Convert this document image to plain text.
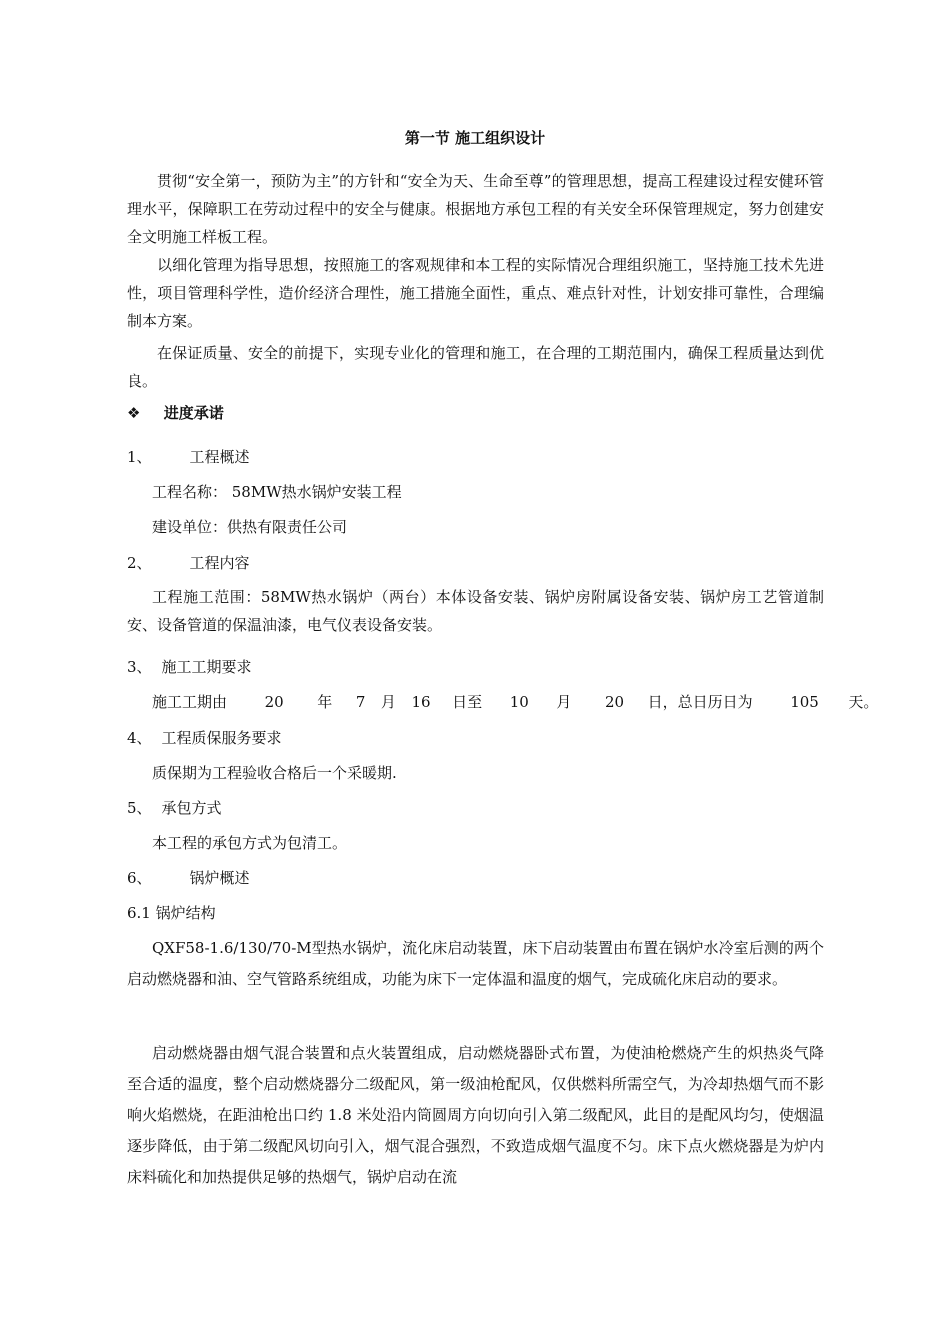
第一节 施工组织设计

贯彻“安全第一，预防为主”的方针和“安全为天、生命至尊”的管理思想，提高工程建设过程安健环管理水平，保障职工在劳动过程中的安全与健康。根据地方承包工程的有关安全环保管理规定，努力创建安全文明施工样板工程。

以细化管理为指导思想，按照施工的客观规律和本工程的实际情况合理组织施工，坚持施工技术先进性，项目管理科学性，造价经济合理性，施工措施全面性，重点、难点针对性，计划安排可靠性，合理编制本方案。

在保证质量、安全的前提下，实现专业化的管理和施工，在合理的工期范围内，确保工程质量达到优良。

❖ 进度承诺
1、	工程概述
工程名称： 58MW热水锅炉安装工程
建设单位：供热有限责任公司
2、	工程内容

工程施工范围：58MW热水锅炉（两台）本体设备安装、锅炉房附属设备安装、锅炉房工艺管道制安、设备管道的保温油漆，电气仪表设备安装。

3、 施工工期要求
施工工期由	20 年 7 月 16 日至 10 月 20 日，总日历日为	105 天。
4、 工程质保服务要求
质保期为工程验收合格后一个采暖期.
5、 承包方式
本工程的承包方式为包清工。
6、	锅炉概述
6.1 锅炉结构

QXF58-1.6/130/70-M型热水锅炉，流化床启动装置，床下启动装置由布置在锅炉水冷室后测的两个启动燃烧器和油、空气管路系统组成，功能为床下一定体温和温度的烟气，完成硫化床启动的要求。

启动燃烧器由烟气混合装置和点火装置组成，启动燃烧器卧式布置，为使油枪燃烧产生的炽热炎气降至合适的温度，整个启动燃烧器分二级配风，第一级油枪配风，仅供燃料所需空气，为冷却热烟气而不影响火焰燃烧，在距油枪出口约 1.8 米处沿内筒圆周方向切向引入第二级配风，此目的是配风均匀，使烟温逐步降低，由于第二级配风切向引入，烟气混合强烈，不致造成烟气温度不匀。床下点火燃烧器是为炉内床料硫化和加热提供足够的热烟气，锅炉启动在流
